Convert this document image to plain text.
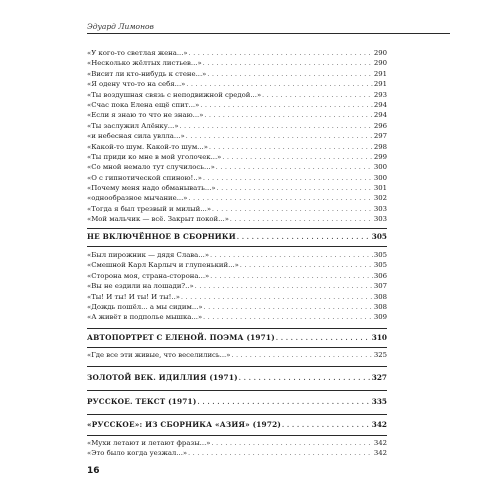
Эдуард Лимонов
«У кого-то светлая жена...» . . .	290
«Несколько жёлтых листьев...» . . .	290
«Висит ли кто-нибудь к стене...» . . .	291
«Я одену что-то на себя...» . . .	291
«Ты воздушная связь с неподвижной средой...» . . .	293
«Счас пока Елена ещё спит...» . . .	294
«Если я знаю то что не знаю...» . . .	294
«Ты заслужил Алёнку...» . . .	296
«и небесная сила увлла...» . . .	297
«Какой-то шум. Какой-то шум...» . . .	298
«Ты приди ко мне в мой уголочек...» . . .	299
«Со мной немало тут случилось...» . . .	300
«О с гипнотической спиною!..» . . .	300
«Почему меня надо обманывать...» . . .	301
«однообразное мычание...» . . .	302
«Тогда я был трезвый и милый...» . . .	303
«Мой мальчик — всё. Закрыт покой...» . . .	303
НЕ ВКЛЮЧЁННОЕ В СБОРНИКИ . . .	305
«Был пирожник — дядя Слава...» . . .	305
«Смешной Карл Карлыч и глупенький...» . . .	305
«Сторона моя, страна-сторона...» . . .	306
«Вы не ездили на лошади?..» . . .	307
«Ты! И ты! И ты! И ты!..» . . .	308
«Дождь пошёл... а мы сидим...» . . .	308
«А живёт в подполье мышка...» . . .	309
АВТОПОРТРЕТ С ЕЛЕНОЙ. ПОЭМА (1971) . . .	310
«Где все эти живые, что веселились...» . . .	325
ЗОЛОТОЙ ВЕК. ИДИЛЛИЯ (1971) . . .	327
РУССКОЕ. ТЕКСТ (1971) . . .	335
«РУССКОЕ»: ИЗ СБОРНИКА «АЗИЯ» (1972) . . .	342
«Мухи летают и летают фразы...» . . .	342
«Это было когда уезжал...» . . .	342
16
